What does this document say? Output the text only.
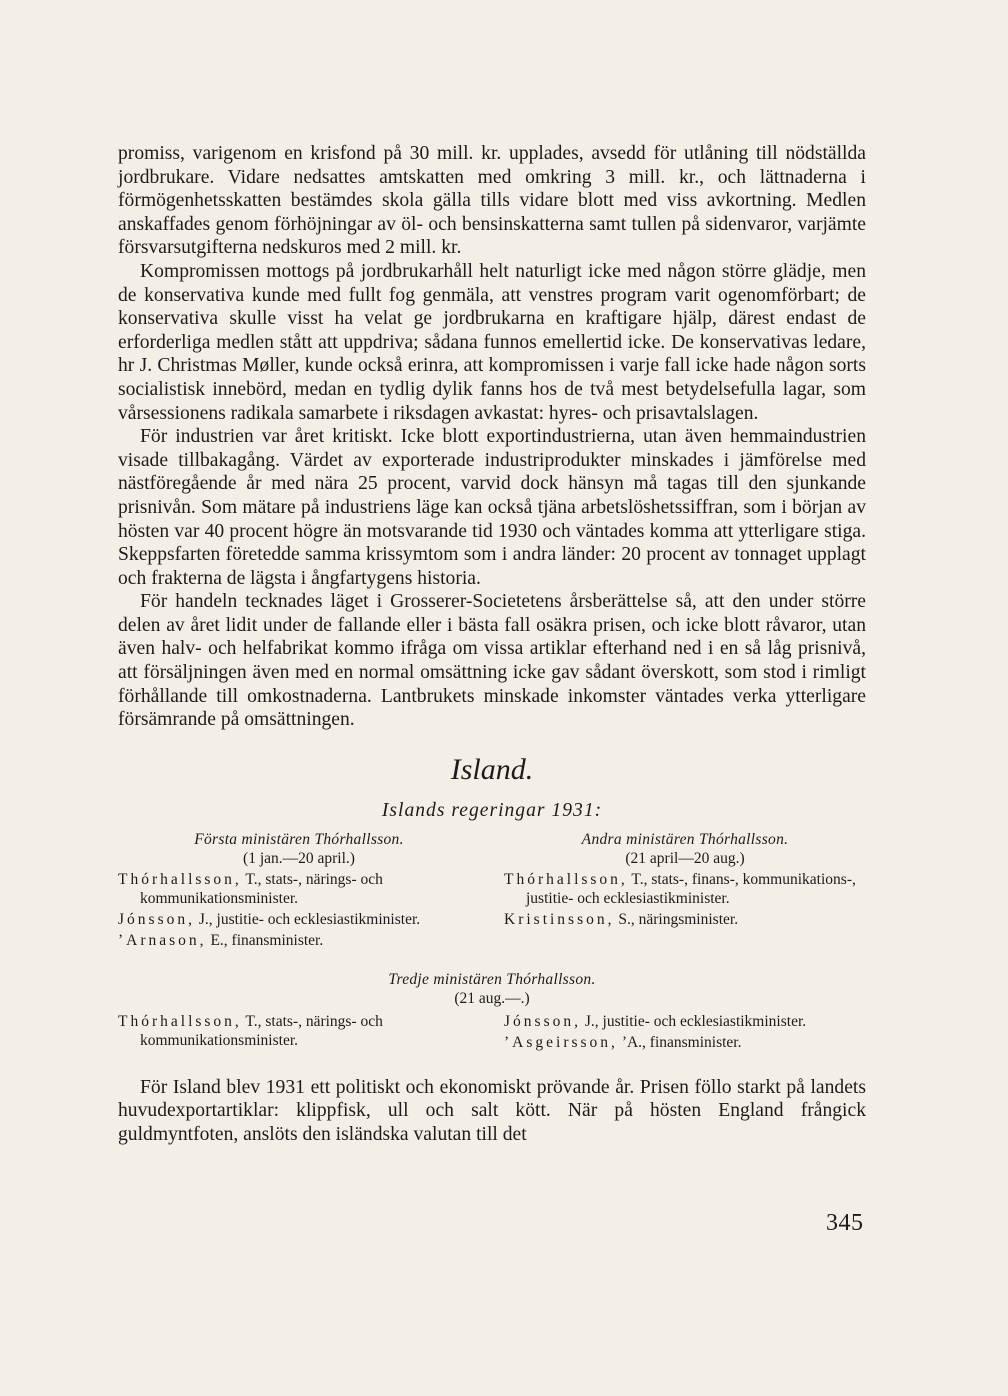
promiss, varigenom en krisfond på 30 mill. kr. upplades, avsedd för utlåning till nödställda jordbrukare. Vidare nedsattes amtskatten med omkring 3 mill. kr., och lättnaderna i förmögenhetsskatten bestämdes skola gälla tills vidare blott med viss avkortning. Medlen anskaffades genom förhöjningar av öl- och bensinskatterna samt tullen på sidenvaror, varjämte försvarsutgifterna nedskuros med 2 mill. kr.

Kompromissen mottogs på jordbrukarhåll helt naturligt icke med någon större glädje, men de konservativa kunde med fullt fog genmäla, att venstres program varit ogenomförbart; de konservativa skulle visst ha velat ge jordbrukarna en kraftigare hjälp, därest endast de erforderliga medlen stått att uppdriva; sådana funnos emellertid icke. De konservativas ledare, hr J. Christmas Møller, kunde också erinra, att kompromissen i varje fall icke hade någon sorts socialistisk innebörd, medan en tydlig dylik fanns hos de två mest betydelsefulla lagar, som vårsessionens radikala samarbete i riksdagen avkastat: hyres- och prisavtalslagen.

För industrien var året kritiskt. Icke blott exportindustrierna, utan även hemmaindustrien visade tillbakagång. Värdet av exporterade industriprodukter minskades i jämförelse med nästföregående år med nära 25 procent, varvid dock hänsyn må tagas till den sjunkande prisnivån. Som mätare på industriens läge kan också tjäna arbetslöshetssiffran, som i början av hösten var 40 procent högre än motsvarande tid 1930 och väntades komma att ytterligare stiga. Skeppsfarten företedde samma krissymtom som i andra länder: 20 procent av tonnaget upplagt och frakterna de lägsta i ångfartygens historia.

För handeln tecknades läget i Grosserer-Societetens årsberättelse så, att den under större delen av året lidit under de fallande eller i bästa fall osäkra prisen, och icke blott råvaror, utan även halv- och helfabrikat kommo ifråga om vissa artiklar efterhand ned i en så låg prisnivå, att försäljningen även med en normal omsättning icke gav sådant överskott, som stod i rimligt förhållande till omkostnaderna. Lantbrukets minskade inkomster väntades verka ytterligare försämrande på omsättningen.

Island.
Islands regeringar 1931:
Första ministären Thórhallsson.
(1 jan.—20 april.)
Thórhallsson, T., stats-, närings- och kommunikationsminister.
Jónsson, J., justitie- och ecklesiastikminister.
’Arnason, E., finansminister.
Andra ministären Thórhallsson.
(21 april—20 aug.)
Thórhallsson, T., stats-, finans-, kommunikations-, justitie- och ecklesiastikminister.
Kristinsson, S., näringsminister.
Tredje ministären Thórhallsson.
(21 aug.—.)
Thórhallsson, T., stats-, närings- och kommunikationsminister.
Jónsson, J., justitie- och ecklesiastikminister.
’Asgeirsson, ’A., finansminister.

För Island blev 1931 ett politiskt och ekonomiskt prövande år. Prisen föllo starkt på landets huvudexportartiklar: klippfisk, ull och salt kött. När på hösten England frångick guldmyntfoten, anslöts den isländska valutan till det

345
